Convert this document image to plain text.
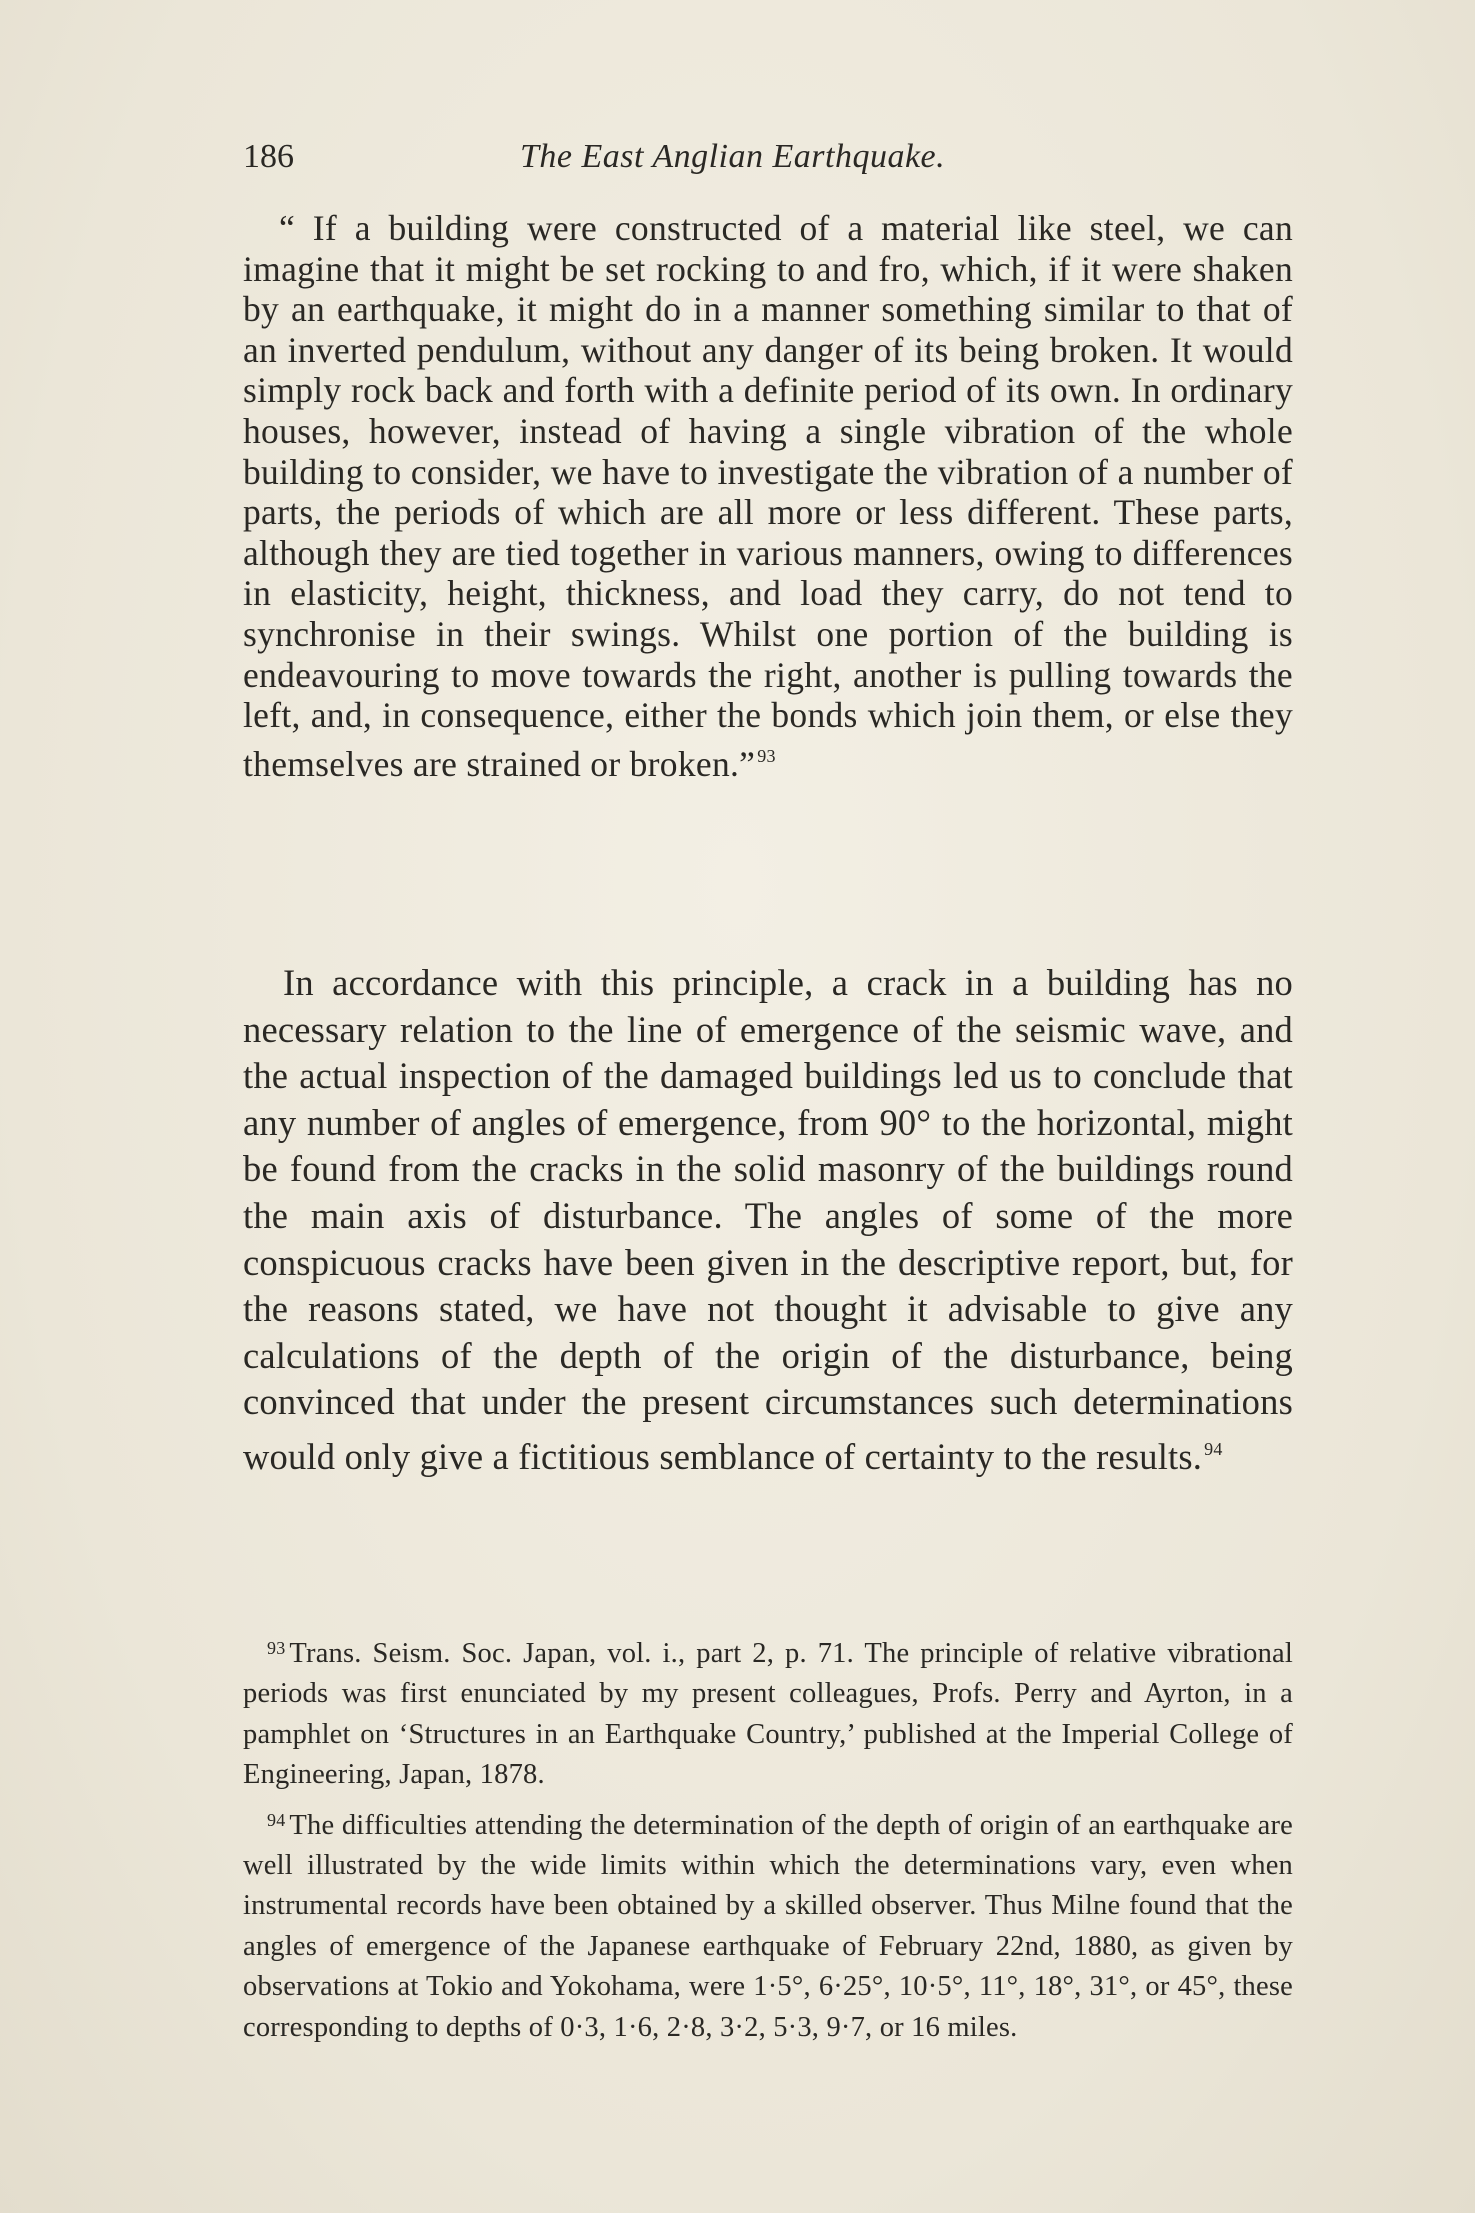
186	The East Anglian Earthquake.

“ If a building were constructed of a material like steel, we can imagine that it might be set rocking to and fro, which, if it were shaken by an earthquake, it might do in a manner something similar to that of an inverted pendulum, without any danger of its being broken. It would simply rock back and forth with a definite period of its own. In ordinary houses, however, instead of having a single vibration of the whole building to consider, we have to investigate the vibration of a number of parts, the periods of which are all more or less different. These parts, although they are tied together in various manners, owing to differences in elasticity, height, thickness, and load they carry, do not tend to synchronise in their swings. Whilst one portion of the building is endeavouring to move towards the right, another is pulling towards the left, and, in consequence, either the bonds which join them, or else they themselves are strained or broken.” $^{93}$

In accordance with this principle, a crack in a building has no necessary relation to the line of emergence of the seismic wave, and the actual inspection of the damaged buildings led us to conclude that any number of angles of emergence, from 90° to the horizontal, might be found from the cracks in the solid masonry of the buildings round the main axis of disturbance. The angles of some of the more conspicuous cracks have been given in the descriptive report, but, for the reasons stated, we have not thought it advisable to give any calculations of the depth of the origin of the disturbance, being convinced that under the present circumstances such determinations would only give a fictitious semblance of certainty to the results. $^{94}$

$^{93}$ Trans. Seism. Soc. Japan, vol. i., part 2, p. 71. The principle of relative vibrational periods was first enunciated by my present colleagues, Profs. Perry and Ayrton, in a pamphlet on ‘Structures in an Earthquake Country,’ published at the Imperial College of Engineering, Japan, 1878.

$^{94}$ The difficulties attending the determination of the depth of origin of an earthquake are well illustrated by the wide limits within which the determinations vary, even when instrumental records have been obtained by a skilled observer. Thus Milne found that the angles of emergence of the Japanese earthquake of February 22nd, 1880, as given by observations at Tokio and Yokohama, were 1·5°, 6·25°, 10·5°, 11°, 18°, 31°, or 45°, these corresponding to depths of 0·3, 1·6, 2·8, 3·2, 5·3, 9·7, or 16 miles.
